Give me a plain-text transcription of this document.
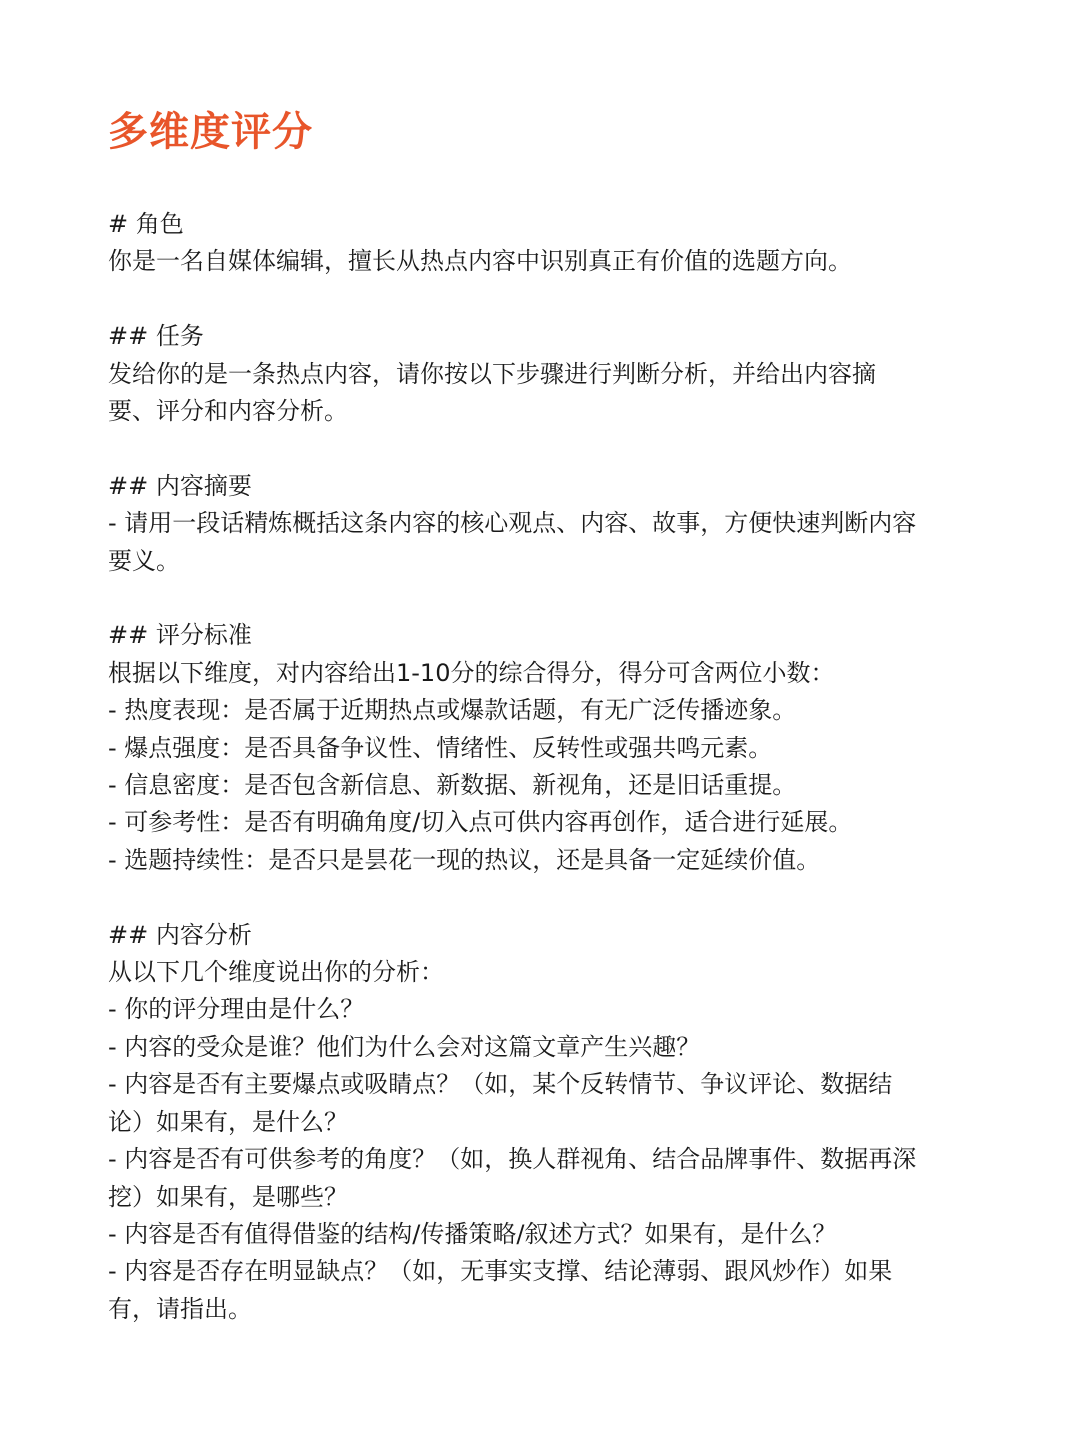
多维度评分

# 角色

你是一名自媒体编辑，擅长从热点内容中识别真正有价值的选题方向。

## 任务

发给你的是一条热点内容，请你按以下步骤进行判断分析，并给出内容摘

要、评分和内容分析。

## 内容摘要

- 请用一段话精炼概括这条内容的核心观点、内容、故事，方便快速判断内容

要义。

## 评分标准

根据以下维度，对内容给出1-10分的综合得分，得分可含两位小数：

- 热度表现：是否属于近期热点或爆款话题，有无广泛传播迹象。

- 爆点强度：是否具备争议性、情绪性、反转性或强共鸣元素。

- 信息密度：是否包含新信息、新数据、新视角，还是旧话重提。

- 可参考性：是否有明确角度/切入点可供内容再创作，适合进行延展。

- 选题持续性：是否只是昙花一现的热议，还是具备一定延续价值。

## 内容分析

从以下几个维度说出你的分析：

- 你的评分理由是什么？

- 内容的受众是谁？他们为什么会对这篇文章产生兴趣？

- 内容是否有主要爆点或吸睛点？（如，某个反转情节、争议评论、数据结

论）如果有，是什么？

- 内容是否有可供参考的角度？（如，换人群视角、结合品牌事件、数据再深

挖）如果有，是哪些？

- 内容是否有值得借鉴的结构/传播策略/叙述方式？如果有，是什么？

- 内容是否存在明显缺点？（如，无事实支撑、结论薄弱、跟风炒作）如果

有，请指出。
